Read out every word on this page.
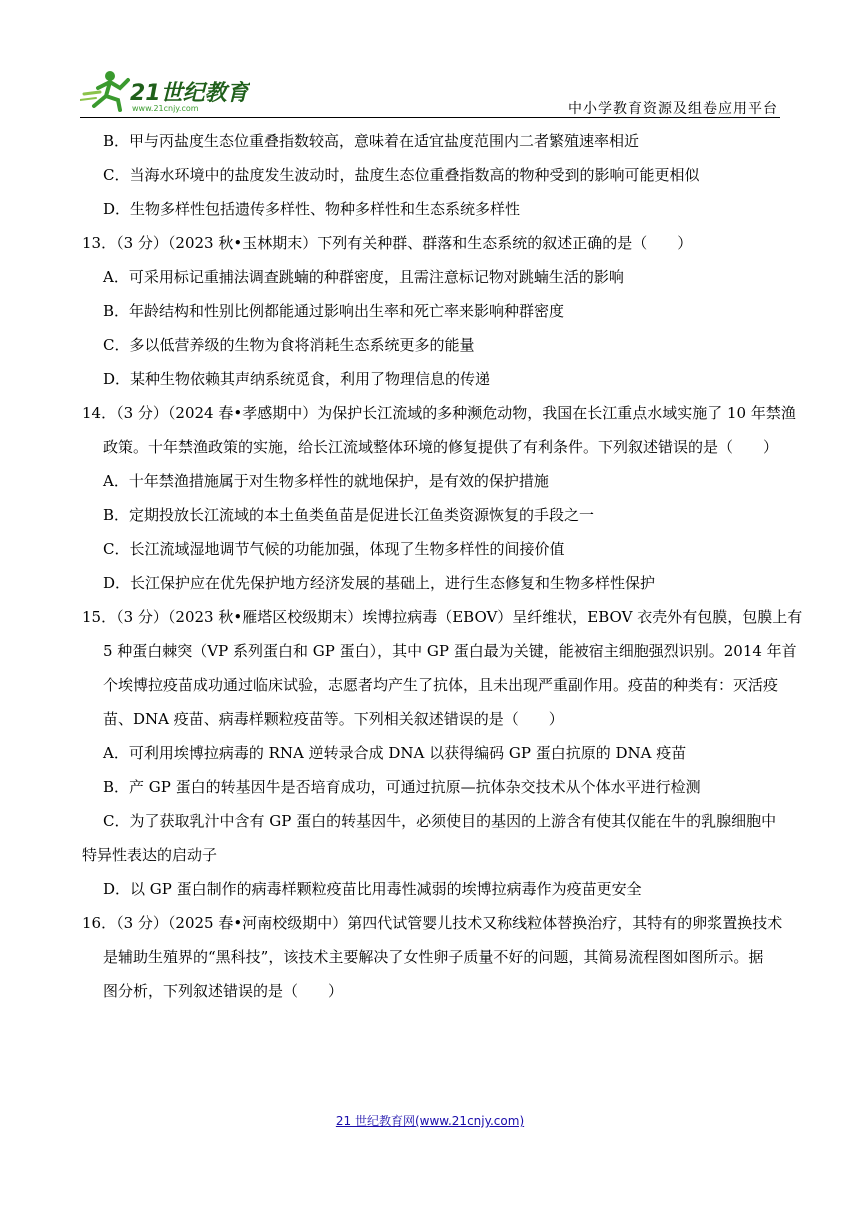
21世纪教育
www.21cnjy.com	中小学教育资源及组卷应用平台
B．甲与丙盐度生态位重叠指数较高，意味着在适宜盐度范围内二者繁殖速率相近
C．当海水环境中的盐度发生波动时，盐度生态位重叠指数高的物种受到的影响可能更相似
D．生物多样性包括遗传多样性、物种多样性和生态系统多样性
13．（3 分）（2023 秋•玉林期末）下列有关种群、群落和生态系统的叙述正确的是（　　）
A．可采用标记重捕法调查跳蝻的种群密度，且需注意标记物对跳蝻生活的影响
B．年龄结构和性别比例都能通过影响出生率和死亡率来影响种群密度
C．多以低营养级的生物为食将消耗生态系统更多的能量
D．某种生物依赖其声纳系统觅食，利用了物理信息的传递
14．（3 分）（2024 春•孝感期中）为保护长江流域的多种濒危动物，我国在长江重点水域实施了 10 年禁渔
政策。十年禁渔政策的实施，给长江流域整体环境的修复提供了有利条件。下列叙述错误的是（　　）
A．十年禁渔措施属于对生物多样性的就地保护，是有效的保护措施
B．定期投放长江流域的本土鱼类鱼苗是促进长江鱼类资源恢复的手段之一
C．长江流域湿地调节气候的功能加强，体现了生物多样性的间接价值
D．长江保护应在优先保护地方经济发展的基础上，进行生态修复和生物多样性保护
15．（3 分）（2023 秋•雁塔区校级期末）埃博拉病毒（EBOV）呈纤维状，EBOV 衣壳外有包膜，包膜上有
5 种蛋白棘突（VP 系列蛋白和 GP 蛋白），其中 GP 蛋白最为关键，能被宿主细胞强烈识别。2014 年首
个埃博拉疫苗成功通过临床试验，志愿者均产生了抗体，且未出现严重副作用。疫苗的种类有：灭活疫
苗、DNA 疫苗、病毒样颗粒疫苗等。下列相关叙述错误的是（　　）
A．可利用埃博拉病毒的 RNA 逆转录合成 DNA 以获得编码 GP 蛋白抗原的 DNA 疫苗
B．产 GP 蛋白的转基因牛是否培育成功，可通过抗原—抗体杂交技术从个体水平进行检测
C．为了获取乳汁中含有 GP 蛋白的转基因牛，必须使目的基因的上游含有使其仅能在牛的乳腺细胞中
特异性表达的启动子
D．以 GP 蛋白制作的病毒样颗粒疫苗比用毒性减弱的埃博拉病毒作为疫苗更安全
16．（3 分）（2025 春•河南校级期中）第四代试管婴儿技术又称线粒体替换治疗，其特有的卵浆置换技术
是辅助生殖界的“黑科技”，该技术主要解决了女性卵子质量不好的问题，其简易流程图如图所示。据
图分析，下列叙述错误的是（　　）
21 世纪教育网(www.21cnjy.com)
